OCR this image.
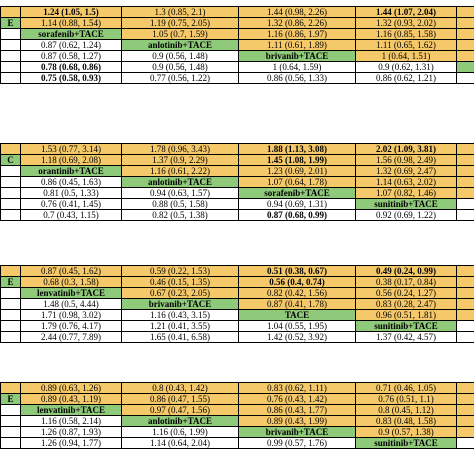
	1.24 (1.05, 1.5)	1.3 (0.85, 2.1)	1.44 (0.98, 2.26)	1.44 (1.07, 2.04)	
E	1.14 (0.88, 1.54)	1.19 (0.75, 2.05)	1.32 (0.86, 2.26)	1.32 (0.93, 2.02)	
	sorafenib+TACE	1.05 (0.7, 1.59)	1.16 (0.86, 1.97)	1.16 (0.85, 1.58)	
	0.87 (0.62, 1.24)	anlotinib+TACE	1.11 (0.61, 1.89)	1.11 (0.65, 1.62)	
	0.87 (0.58, 1.27)	0.9 (0.56, 1.48)	brivanib+TACE	1 (0.64, 1.51)	
	0.78 (0.68, 0.86)	0.9 (0.56, 1.48)	1 (0.64, 1.59)	0.9 (0.62, 1.31)	
	0.75 (0.58, 0.93)	0.77 (0.56, 1.22)	0.86 (0.56, 1.33)	0.86 (0.62, 1.21)	
	1.53 (0.77, 3.14)	1.78 (0.96, 3.43)	1.88 (1.13, 3.08)	2.02 (1.09, 3.81)	
C	1.18 (0.69, 2.08)	1.37 (0.9, 2.29)	1.45 (1.08, 1.99)	1.56 (0.98, 2.49)	
	orantinib+TACE	1.16 (0.61, 2.22)	1.23 (0.69, 2.01)	1.32 (0.69, 2.47)	
	0.86 (0.45, 1.63)	anlotinib+TACE	1.07 (0.64, 1.78)	1.14 (0.63, 2.02)	
	0.81 (0.5, 1.33)	0.94 (0.63, 1.57)	sorafenib+TACE	1.07 (0.82, 1.46)	
	0.76 (0.41, 1.45)	0.88 (0.5, 1.58)	0.94 (0.69, 1.31)	sunitinib+TACE	
	0.7 (0.43, 1.15)	0.82 (0.5, 1.38)	0.87 (0.68, 0.99)	0.92 (0.69, 1.22)	
	0.87 (0.45, 1.62)	0.59 (0.22, 1.53)	0.51 (0.38, 0.67)	0.49 (0.24, 0.99)	
E	0.68 (0.3, 1.58)	0.46 (0.15, 1.35)	0.56 (0.4, 0.74)	0.38 (0.17, 0.84)	
	lenvatinib+TACE	0.67 (0.23, 2.05)	0.82 (0.42, 1.56)	0.56 (0.24, 1.27)	
	1.48 (0.5, 4.44)	brivanib+TACE	0.87 (0.41, 1.78)	0.83 (0.28, 2.47)	
	1.71 (0.98, 3.02)	1.16 (0.43, 3.15)	TACE	0.96 (0.51, 1.81)	
	1.79 (0.76, 4.17)	1.21 (0.41, 3.55)	1.04 (0.55, 1.95)	sunitinib+TACE	
	2.44 (0.77, 7.89)	1.65 (0.41, 6.58)	1.42 (0.52, 3.92)	1.37 (0.42, 4.57)	
	0.89 (0.63, 1.26)	0.8 (0.43, 1.42)	0.83 (0.62, 1.11)	0.71 (0.46, 1.05)	
E	0.89 (0.43, 1.19)	0.86 (0.47, 1.55)	0.76 (0.43, 1.42)	0.76 (0.51, 1.1)	
	lenvatinib+TACE	0.97 (0.47, 1.56)	0.86 (0.43, 1.77)	0.8 (0.45, 1.12)	
	1.16 (0.58, 2.14)	anlotinib+TACE	0.89 (0.43, 1.99)	0.83 (0.48, 1.58)	
	1.26 (0.87, 1.93)	1.16 (0.6, 1.99)	brivanib+TACE	0.9 (0.57, 1.38)	
	1.26 (0.94, 1.77)	1.14 (0.64, 2.04)	0.99 (0.57, 1.76)	sunitinib+TACE	
